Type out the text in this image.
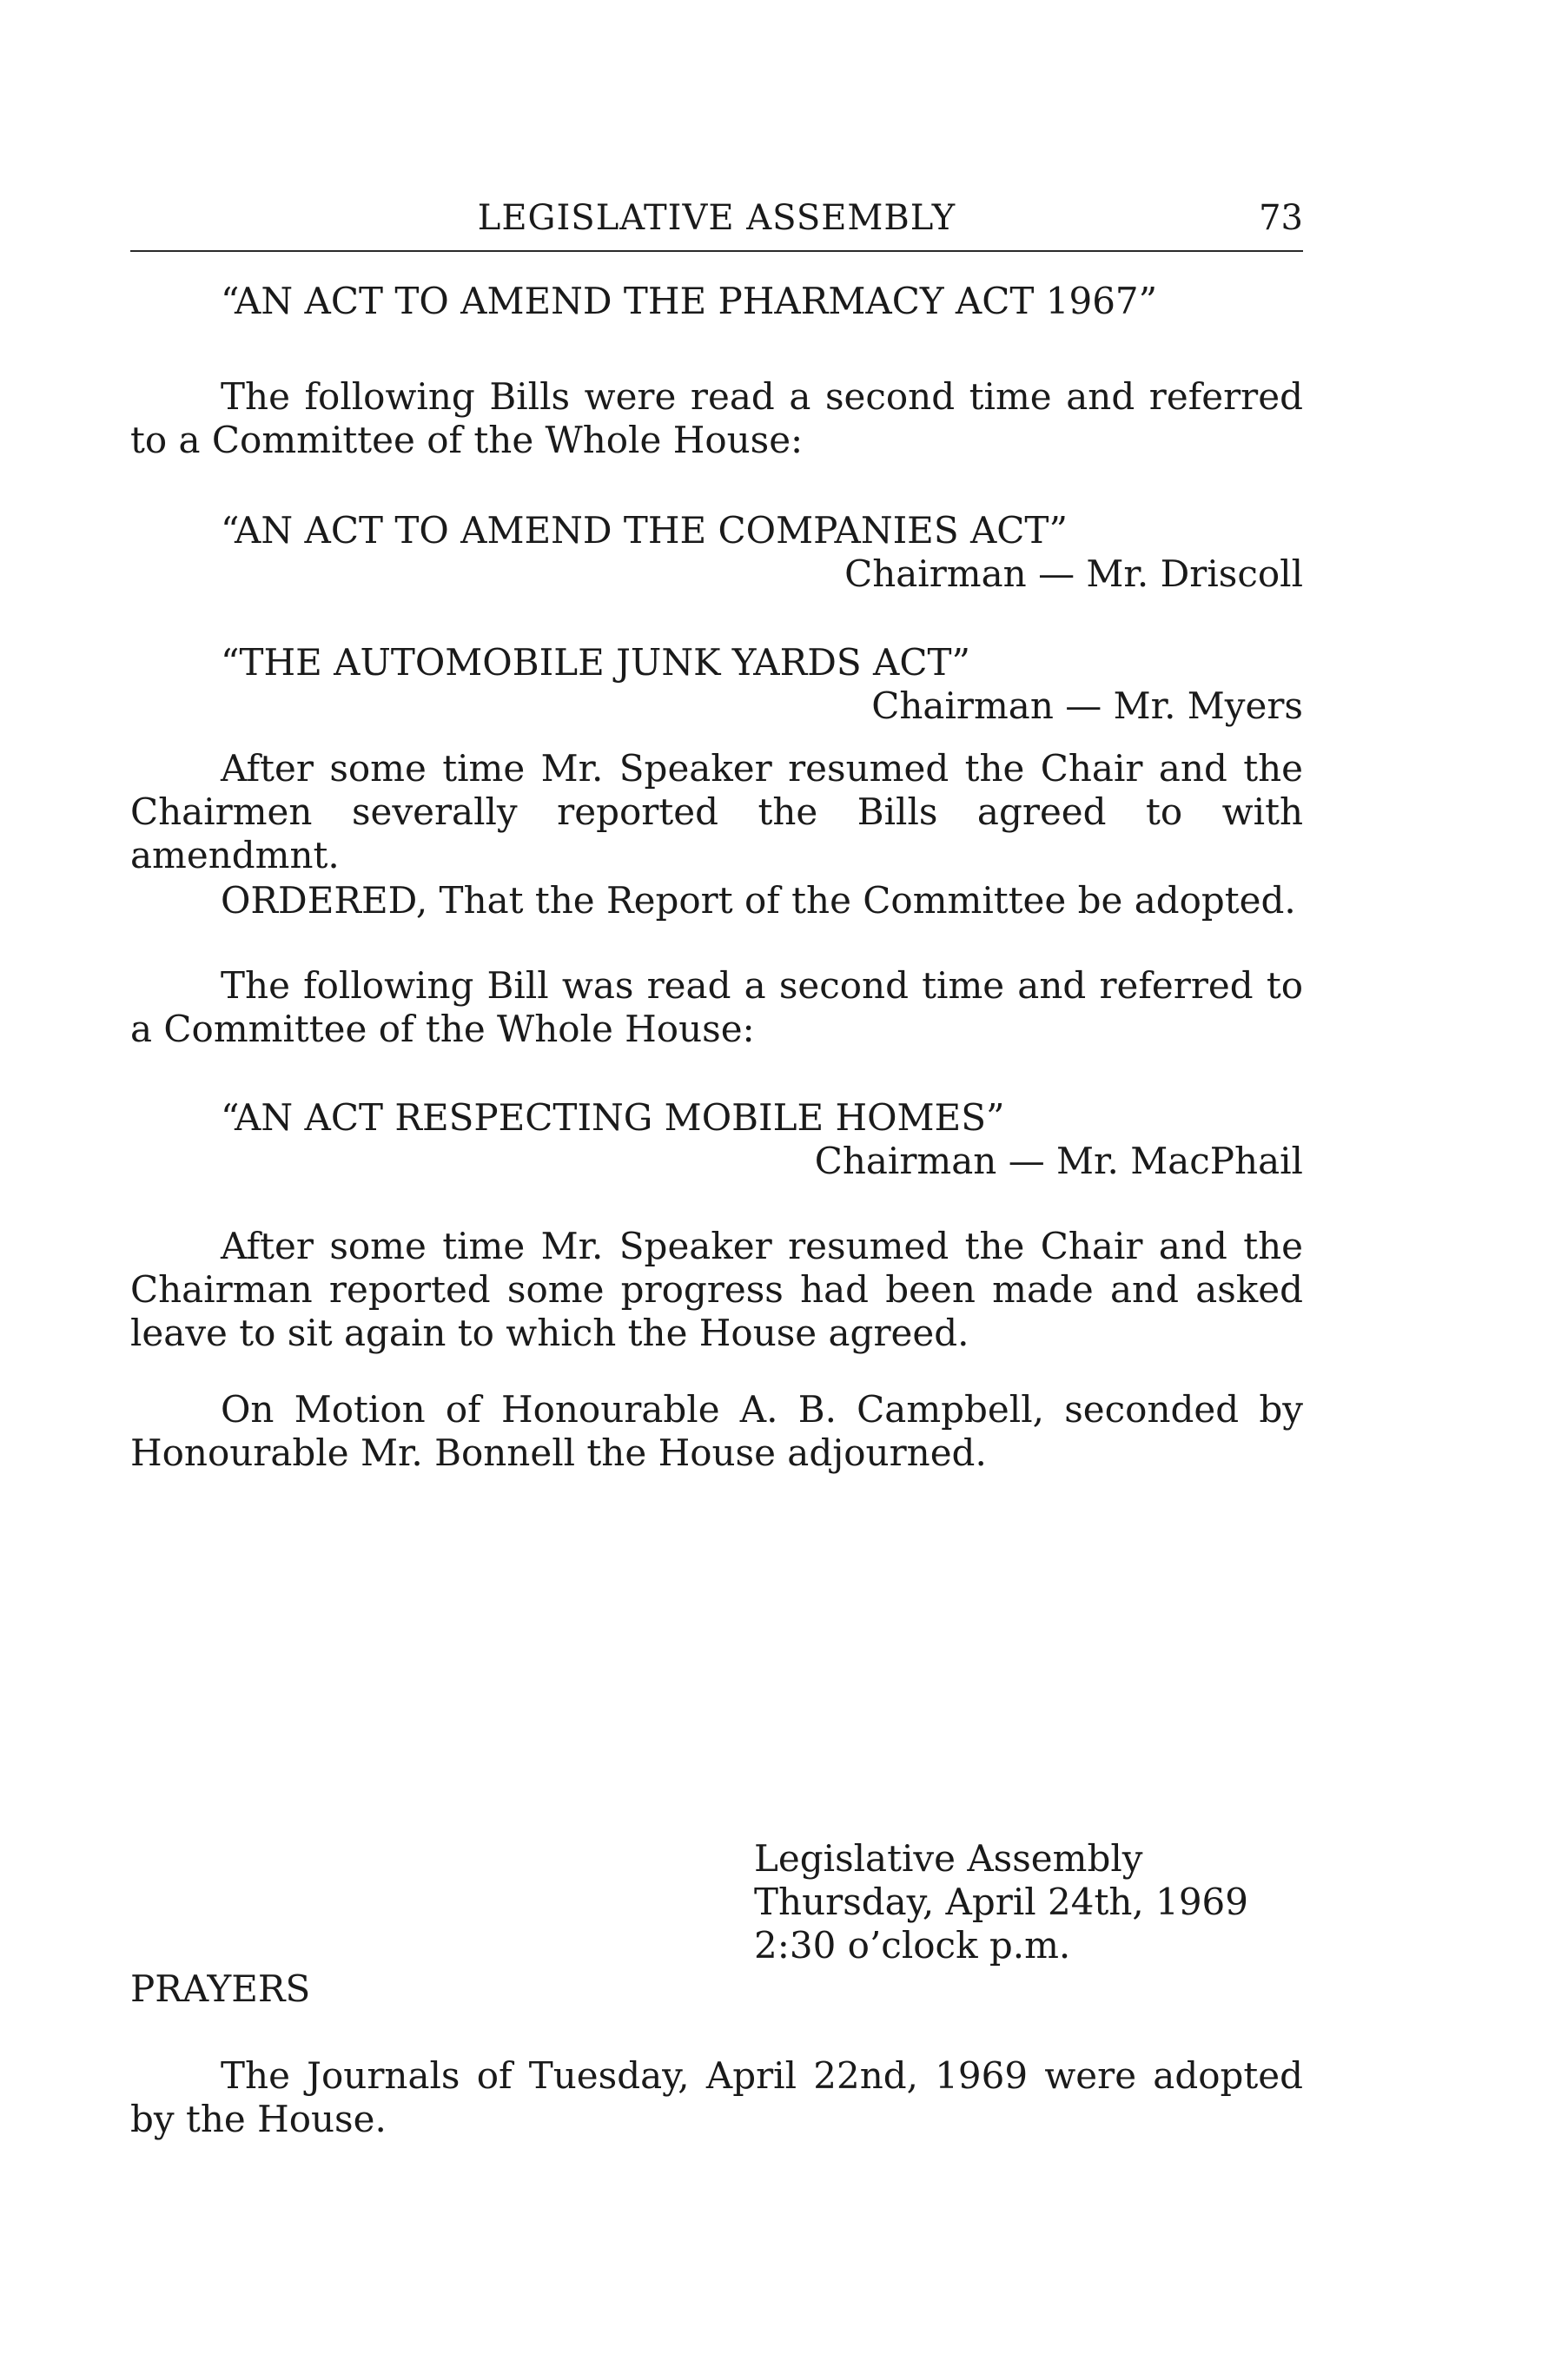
LEGISLATIVE ASSEMBLY	73
“AN ACT TO AMEND THE PHARMACY ACT 1967”
The following Bills were read a second time and referred to a Committee of the Whole House:
“AN ACT TO AMEND THE COMPANIES ACT”
Chairman — Mr. Driscoll
“THE AUTOMOBILE JUNK YARDS ACT”
Chairman — Mr. Myers
After some time Mr. Speaker resumed the Chair and the Chairmen severally reported the Bills agreed to with amendmnt.
ORDERED, That the Report of the Committee be adopted.
The following Bill was read a second time and referred to a Committee of the Whole House:
“AN ACT RESPECTING MOBILE HOMES”
Chairman — Mr. MacPhail
After some time Mr. Speaker resumed the Chair and the Chairman reported some progress had been made and asked leave to sit again to which the House agreed.
On Motion of Honourable A. B. Campbell, seconded by Honourable Mr. Bonnell the House adjourned.
Legislative Assembly
Thursday, April 24th, 1969
2:30 o’clock p.m.
PRAYERS
The Journals of Tuesday, April 22nd, 1969 were adopted by the House.
